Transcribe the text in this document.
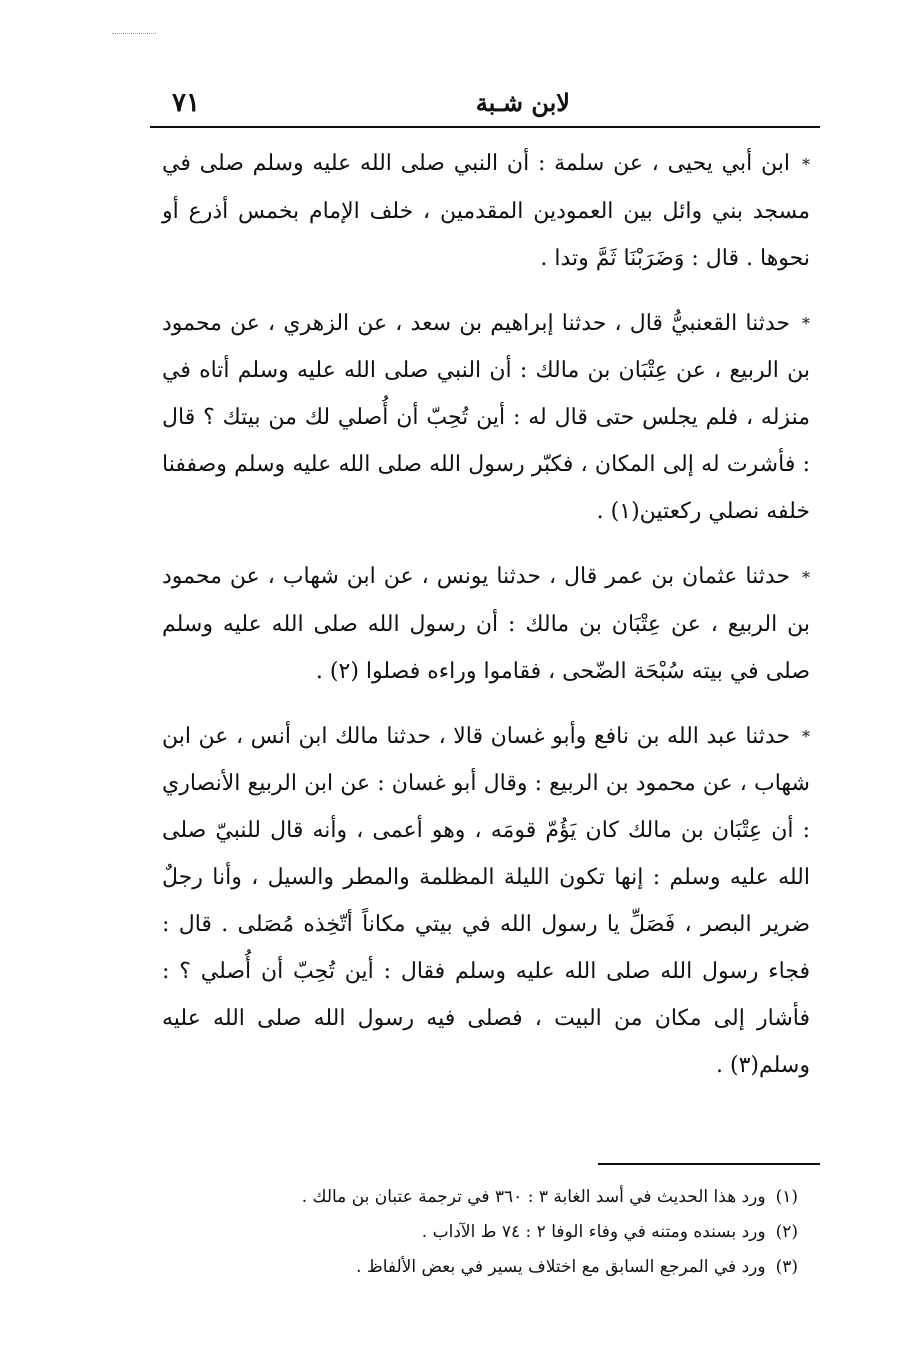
لابن شـبة
٧١

*ابن أبي يحيى ، عن سلمة : أن النبي صلى الله عليه وسلم صلى في مسجد بني وائل بين العمودين المقدمين ، خلف الإمام بخمس أذرع أو نحوها . قال : وَضَرَبْنَا ثَمَّ وتدا .

*حدثنا القعنبيُّ قال ، حدثنا إبراهيم بن سعد ، عن الزهري ، عن محمود بن الربيع ، عن عِتْبَان بن مالك : أن النبي صلى الله عليه وسلم أتاه في منزله ، فلم يجلس حتى قال له : أين تُحِبّ أن أُصلي لك من بيتك ؟ قال : فأشرت له إلى المكان ، فكبّر رسول الله صلى الله عليه وسلم وصففنا خلفه نصلي ركعتين(١) .

*حدثنا عثمان بن عمر قال ، حدثنا يونس ، عن ابن شهاب ، عن محمود بن الربيع ، عن عِتْبَان بن مالك : أن رسول الله صلى الله عليه وسلم صلى في بيته سُبْحَة الضّحى ، فقاموا وراءه فصلوا (٢) .

*حدثنا عبد الله بن نافع وأبو غسان قالا ، حدثنا مالك ابن أنس ، عن ابن شهاب ، عن محمود بن الربيع : وقال أبو غسان : عن ابن الربيع الأنصاري : أن عِتْبَان بن مالك كان يَؤُمّ قومَه ، وهو أعمى ، وأنه قال للنبيّ صلى الله عليه وسلم : إنها تكون الليلة المظلمة والمطر والسيل ، وأنا رجلٌ ضرير البصر ، فَصَلِّ يا رسول الله في بيتي مكاناً أتّخِذه مُصَلى . قال : فجاء رسول الله صلى الله عليه وسلم فقال : أين تُحِبّ أن أُصلي ؟ : فأشار إلى مكان من البيت ، فصلى فيه رسول الله صلى الله عليه وسلم(٣) .

(١)ورد هذا الحديث في أسد الغابة ٣ : ٣٦٠ في ترجمة عتبان بن مالك .

(٢)ورد بسنده ومتنه في وفاء الوفا ٢ : ٧٤ ط الآداب .

(٣)ورد في المرجع السابق مع اختلاف يسير في بعض الألفاظ .
